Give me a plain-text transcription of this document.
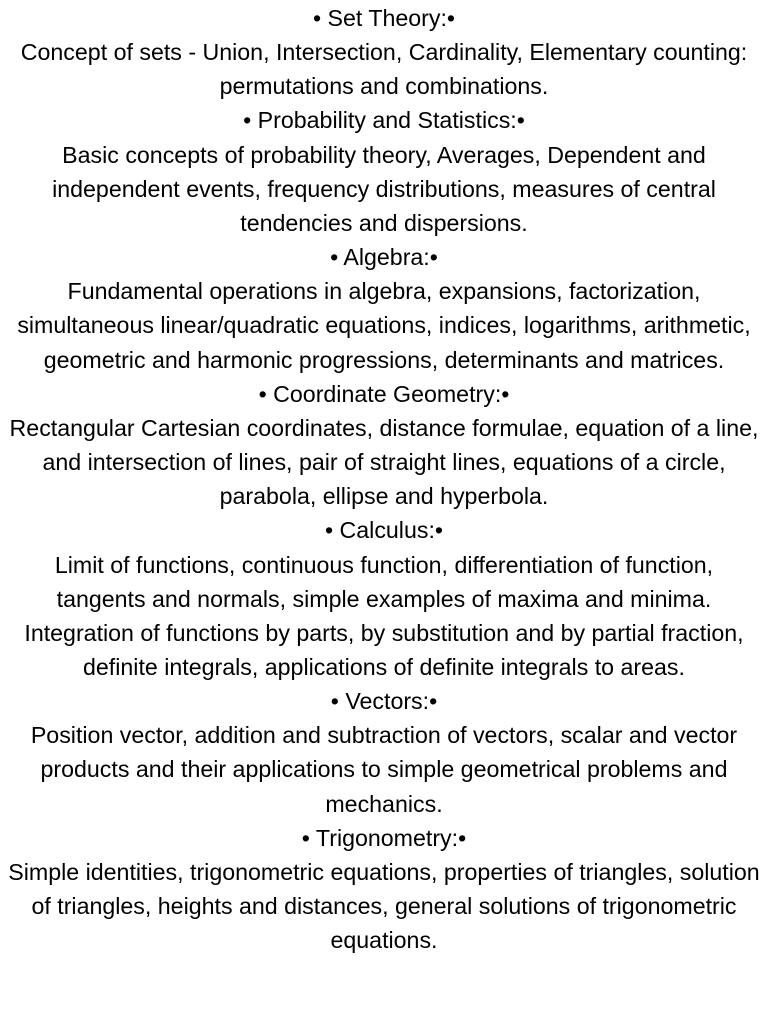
• Set Theory:•

Concept of sets - Union, Intersection, Cardinality, Elementary counting: permutations and combinations.

• Probability and Statistics:•

Basic concepts of probability theory, Averages, Dependent and independent events, frequency distributions, measures of central tendencies and dispersions.

• Algebra:•

Fundamental operations in algebra, expansions, factorization, simultaneous linear/quadratic equations, indices, logarithms, arithmetic, geometric and harmonic progressions, determinants and matrices.

• Coordinate Geometry:•

Rectangular Cartesian coordinates, distance formulae, equation of a line, and intersection of lines, pair of straight lines, equations of a circle, parabola, ellipse and hyperbola.

• Calculus:•

Limit of functions, continuous function, differentiation of function, tangents and normals, simple examples of maxima and minima. Integration of functions by parts, by substitution and by partial fraction, definite integrals, applications of definite integrals to areas.

• Vectors:•

Position vector, addition and subtraction of vectors, scalar and vector products and their applications to simple geometrical problems and mechanics.

• Trigonometry:•

Simple identities, trigonometric equations, properties of triangles, solution of triangles, heights and distances, general solutions of trigonometric equations.
